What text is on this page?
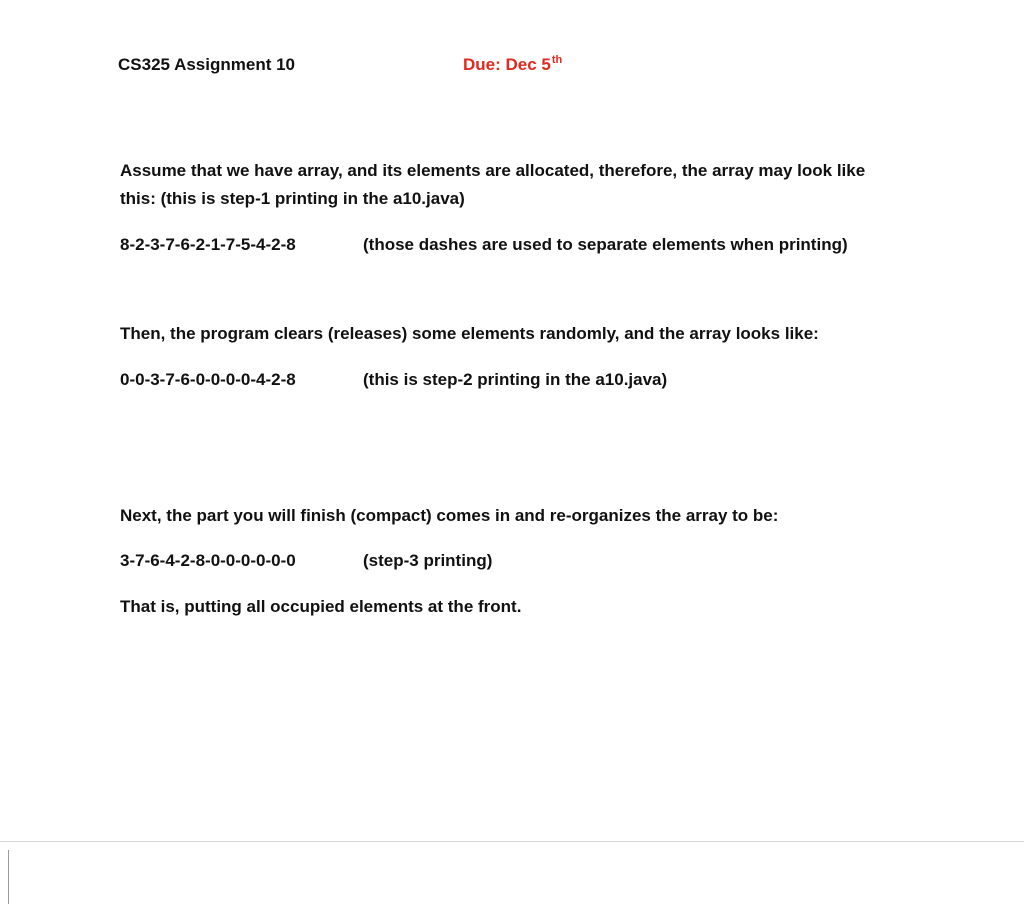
CS325 Assignment 10	Due: Dec 5th
Assume that we have array, and its elements are allocated, therefore, the array may look like
this: (this is step-1 printing in the a10.java)
8-2-3-7-6-2-1-7-5-4-2-8	(those dashes are used to separate elements when printing)
Then, the program clears (releases) some elements randomly, and the array looks like:
0-0-3-7-6-0-0-0-0-4-2-8	(this is step-2 printing in the a10.java)
Next, the part you will finish (compact) comes in and re-organizes the array to be:
3-7-6-4-2-8-0-0-0-0-0-0	(step-3 printing)
That is, putting all occupied elements at the front.
